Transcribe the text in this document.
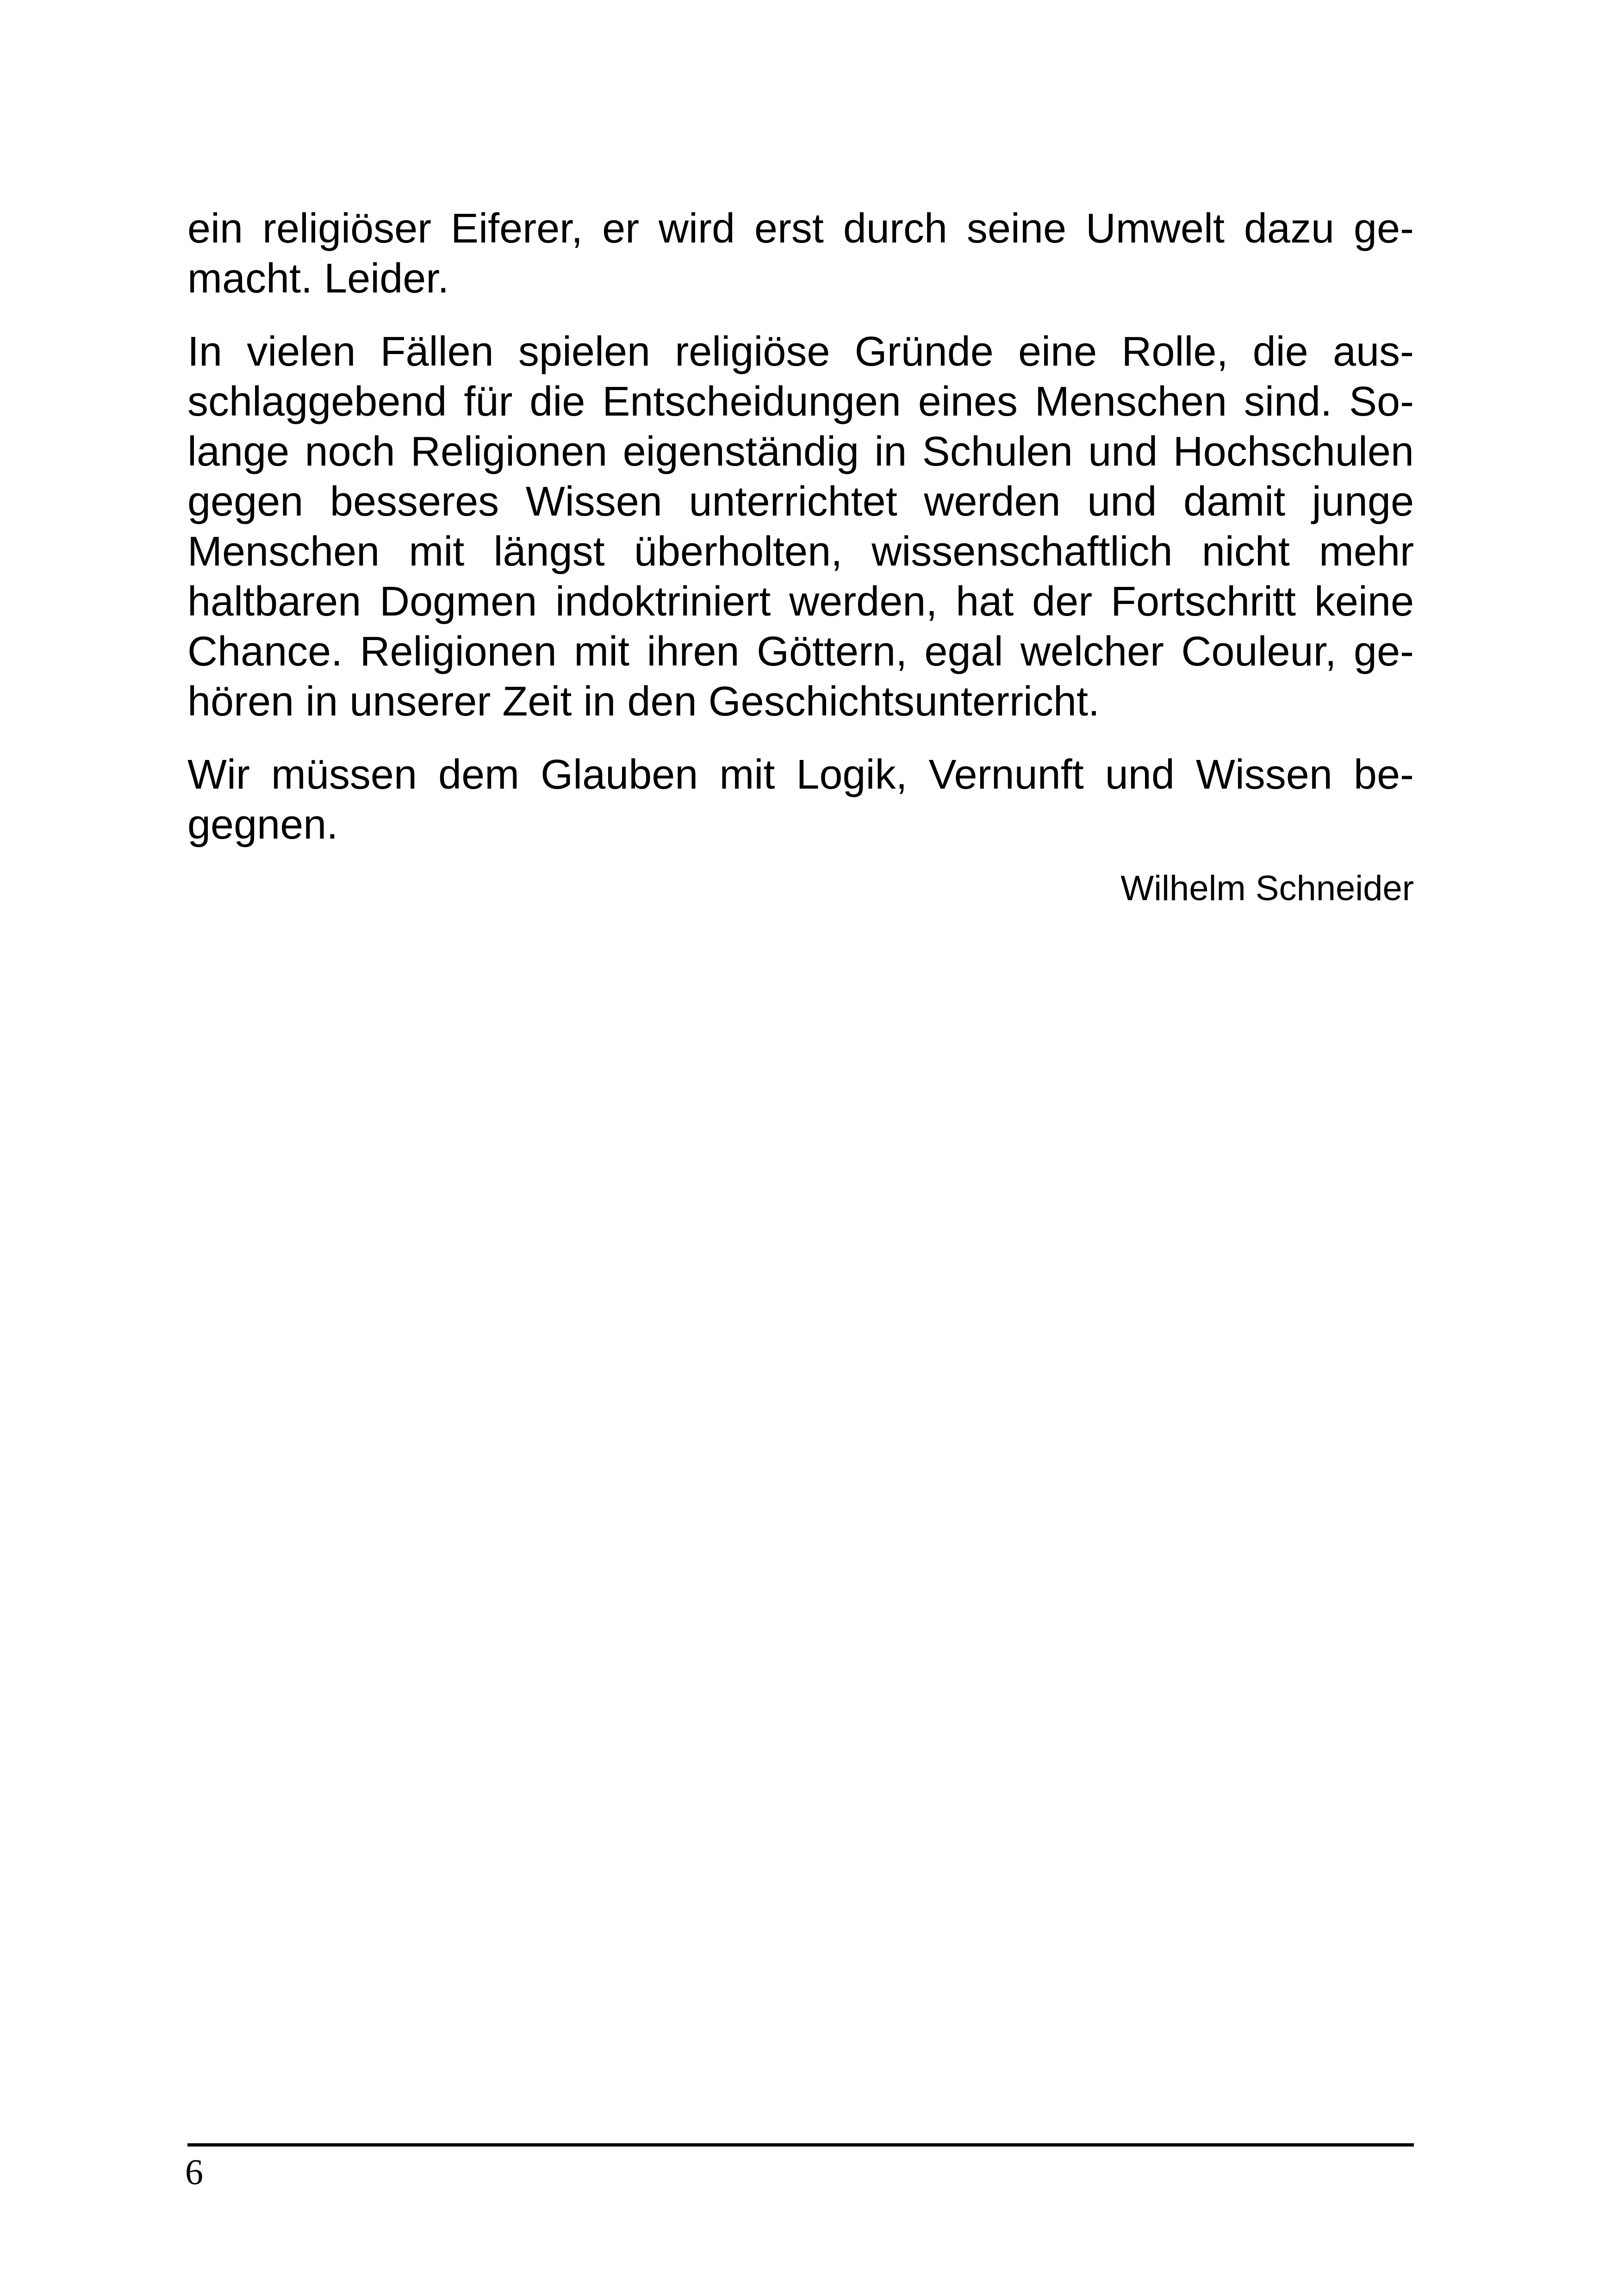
ein religiöser Eiferer, er wird erst durch seine Umwelt dazu ge-
macht. Leider.
In vielen Fällen spielen religiöse Gründe eine Rolle, die aus-
schlaggebend für die Entscheidungen eines Menschen sind. So-
lange noch Religionen eigenständig in Schulen und Hochschulen
gegen besseres Wissen unterrichtet werden und damit junge
Menschen mit längst überholten, wissenschaftlich nicht mehr
haltbaren Dogmen indoktriniert werden, hat der Fortschritt keine
Chance. Religionen mit ihren Göttern, egal welcher Couleur, ge-
hören in unserer Zeit in den Geschichtsunterricht.
Wir müssen dem Glauben mit Logik, Vernunft und Wissen be-
gegnen.
Wilhelm Schneider
6
